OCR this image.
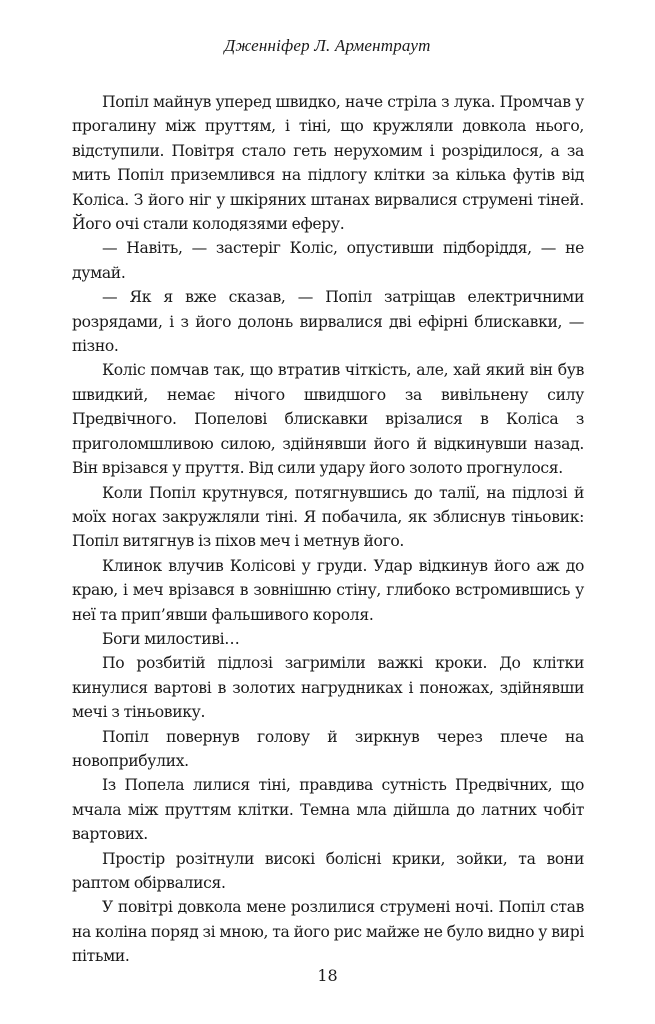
Дженніфер Л. Арментраут

Попіл майнув уперед швидко, наче стріла з лука. Промчав у прогалину між пруттям, і тіні, що кружляли довкола нього, відступили. Повітря стало геть нерухомим і розрідилося, а за мить Попіл приземлився на підлогу клітки за кілька футів від Коліса. З його ніг у шкіряних штанах вирвалися струмені тіней. Його очі стали колодязями еферу.

— Навіть, — застеріг Коліс, опустивши підборіддя, — не думай.

— Як я вже сказав, — Попіл затріщав електричними розрядами, і з його долонь вирвалися дві ефірні блискавки, — пізно.

Коліс помчав так, що втратив чіткість, але, хай який він був швидкий, немає нічого швидшого за вивільнену силу Предвічного. Попелові блискавки врізалися в Коліса з приголомшливою силою, здійнявши його й відкинувши назад. Він врізався у пруття. Від сили удару його золото прогнулося.

Коли Попіл крутнувся, потягнувшись до талії, на підлозі й моїх ногах закружляли тіні. Я побачила, як зблиснув тіньовик: Попіл витягнув із піхов меч і метнув його.

Клинок влучив Колісові у груди. Удар відкинув його аж до краю, і меч врізався в зовнішню стіну, глибоко встромившись у неї та прип’явши фальшивого короля.

Боги милостиві…

По розбитій підлозі загриміли важкі кроки. До клітки кинулися вартові в золотих нагрудниках і поножах, здійнявши мечі з тіньовику.

Попіл повернув голову й зиркнув через плече на новоприбулих.

Із Попела лилися тіні, правдива сутність Предвічних, що мчала між пруттям клітки. Темна мла дійшла до латних чобіт вартових.

Простір розітнули високі болісні крики, зойки, та вони раптом обірвалися.

У повітрі довкола мене розлилися струмені ночі. Попіл став на коліна поряд зі мною, та його рис майже не було видно у вирі пітьми.

18
